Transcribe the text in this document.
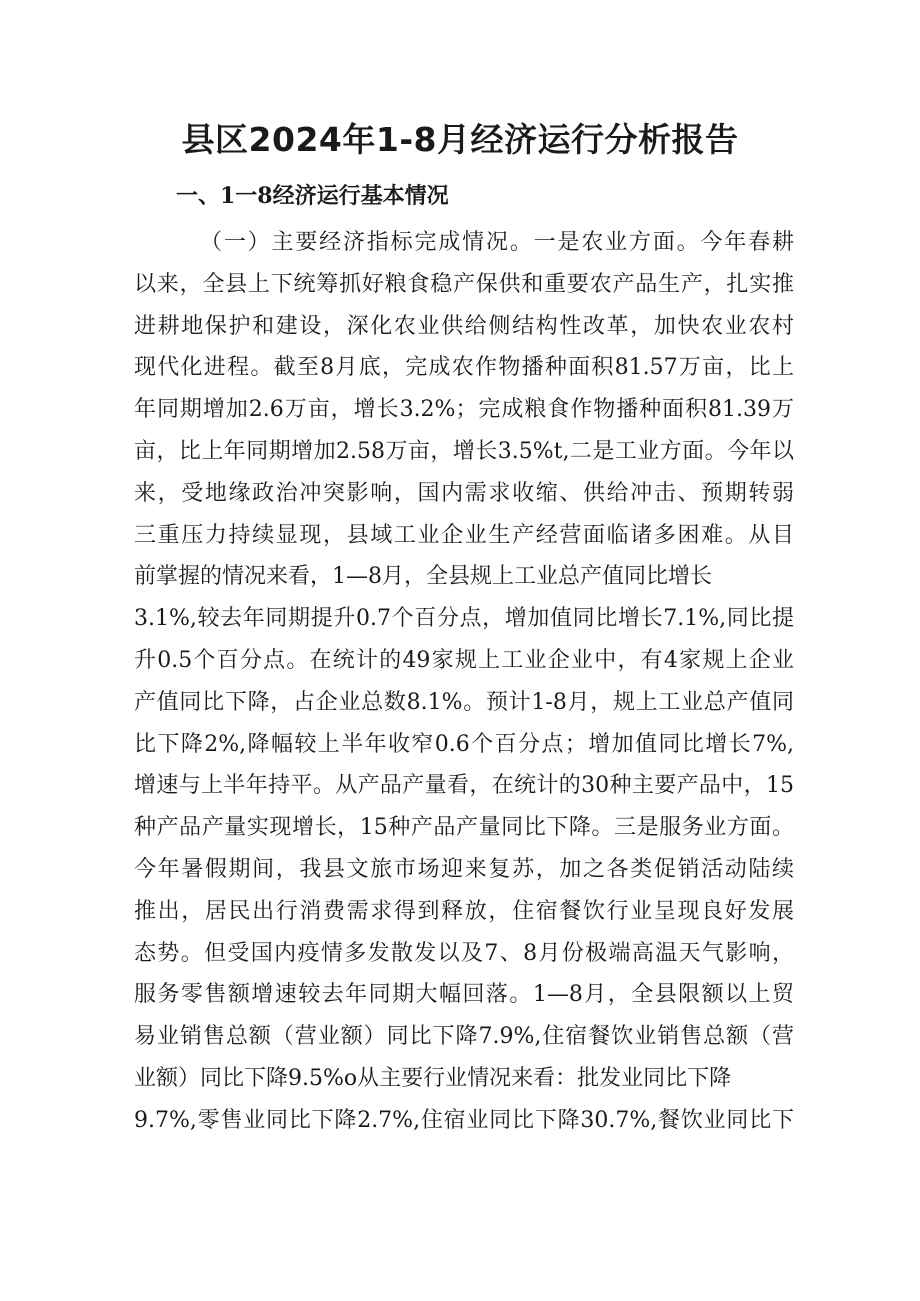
县区2024年1-8月经济运行分析报告
一、1一8经济运行基本情况
（一）主要经济指标完成情况。一是农业方面。今年春耕
以来，全县上下统筹抓好粮食稳产保供和重要农产品生产，扎实推
进耕地保护和建设，深化农业供给侧结构性改革，加快农业农村
现代化进程。截至8月底，完成农作物播种面积81.57万亩，比上
年同期增加2.6万亩，增长3.2%；完成粮食作物播种面积81.39万
亩，比上年同期增加2.58万亩，增长3.5%t,二是工业方面。今年以
来，受地缘政治冲突影响，国内需求收缩、供给冲击、预期转弱
三重压力持续显现，县域工业企业生产经营面临诸多困难。从目
前掌握的情况来看，1—8月，全县规上工业总产值同比增长
3.1%,较去年同期提升0.7个百分点，增加值同比增长7.1%,同比提
升0.5个百分点。在统计的49家规上工业企业中，有4家规上企业
产值同比下降，占企业总数8.1%。预计1-8月，规上工业总产值同
比下降2%,降幅较上半年收窄0.6个百分点；增加值同比增长7%,
增速与上半年持平。从产品产量看，在统计的30种主要产品中，15
种产品产量实现增长，15种产品产量同比下降。三是服务业方面。
今年暑假期间，我县文旅市场迎来复苏，加之各类促销活动陆续
推出，居民出行消费需求得到释放，住宿餐饮行业呈现良好发展
态势。但受国内疫情多发散发以及7、8月份极端高温天气影响，
服务零售额增速较去年同期大幅回落。1—8月，全县限额以上贸
易业销售总额（营业额）同比下降7.9%,住宿餐饮业销售总额（营
业额）同比下降9.5%o从主要行业情况来看：批发业同比下降
9.7%,零售业同比下降2.7%,住宿业同比下降30.7%,餐饮业同比下
